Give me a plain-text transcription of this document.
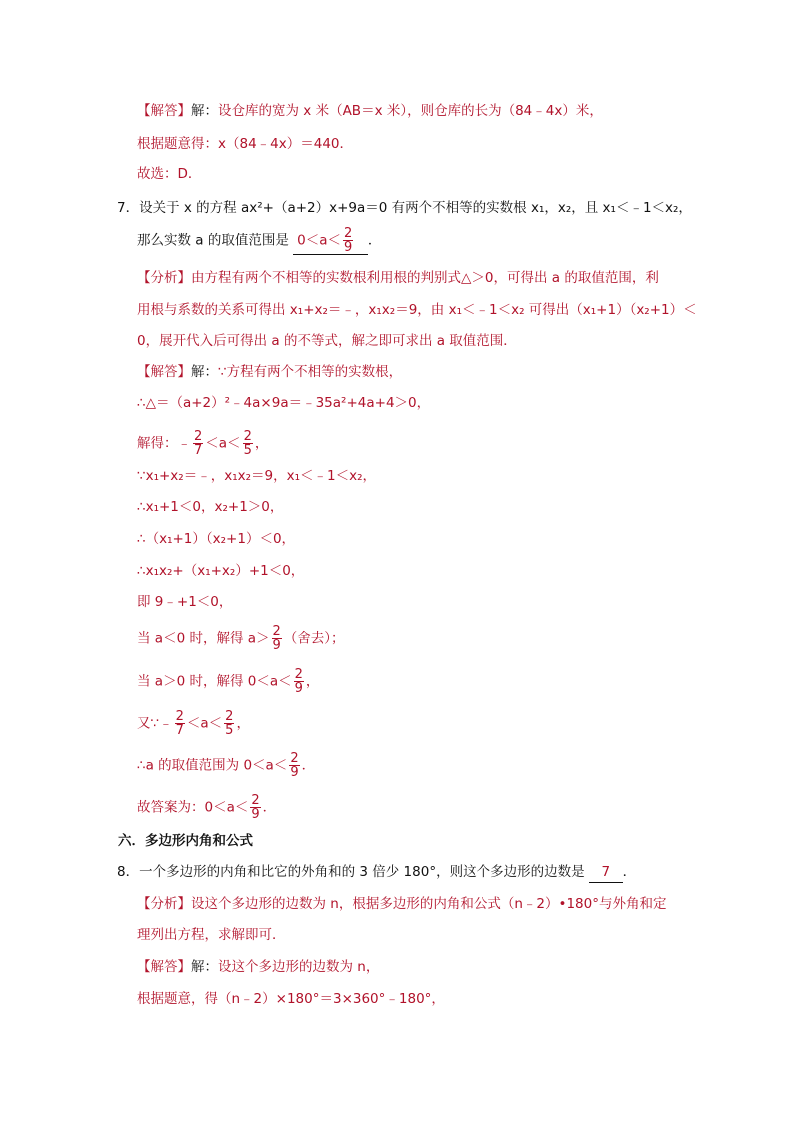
【解答】解：设仓库的宽为 x 米（AB＝x 米），则仓库的长为（84﹣4x）米，
根据题意得：x（84﹣4x）＝440．
故选：D．
7．设关于 x 的方程 ax²+（a+2）x+9a＝0 有两个不相等的实数根 x₁，x₂，且 x₁＜﹣1＜x₂，
那么实数 a 的取值范围是 $0<a< \frac{2}{9}$ ．
【分析】由方程有两个不相等的实数根利用根的判别式△＞0，可得出 a 的取值范围，利
用根与系数的关系可得出 x₁+x₂＝﹣，x₁x₂＝9，由 x₁＜﹣1＜x₂ 可得出（x₁+1）（x₂+1）＜
0，展开代入后可得出 a 的不等式，解之即可求出 a 取值范围．
【解答】解：∵方程有两个不相等的实数根，
∴△＝（a+2）²﹣4a×9a＝﹣35a²+4a+4＞0，
解得：﹣ $\frac{2}{7} <a< \frac{2}{5}$ ，
∵x₁+x₂＝﹣，x₁x₂＝9，x₁＜﹣1＜x₂，
∴x₁+1＜0，x₂+1＞0，
∴（x₁+1）（x₂+1）＜0，
∴x₁x₂+（x₁+x₂）+1＜0，
即 9﹣+1＜0，
当 a＜0 时，解得 $a> \frac{2}{9}$ （舍去）；
当 a＞0 时，解得 $0<a< \frac{2}{9}$ ，
又∵﹣ $\frac{2}{7} <a< \frac{2}{5}$ ，
∴a 的取值范围为 $0<a< \frac{2}{9}$ ．
故答案为：$0<a< \frac{2}{9}$ ．
六．多边形内角和公式
8．一个多边形的内角和比它的外角和的 3 倍少 180°，则这个多边形的边数是 7 ．
【分析】设这个多边形的边数为 n，根据多边形的内角和公式（n﹣2）•180°与外角和定
理列出方程，求解即可．
【解答】解：设这个多边形的边数为 n，
根据题意，得（n﹣2）×180°＝3×360°﹣180°，
